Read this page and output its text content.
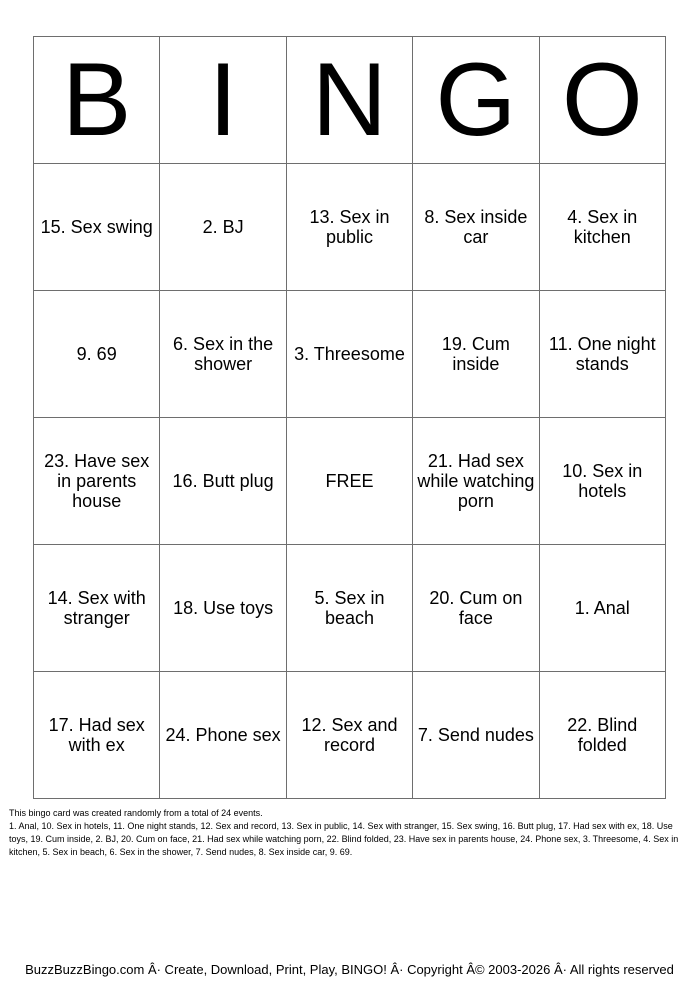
B	I	N	G	O
15. Sex swing	2. BJ	13. Sex in public	8. Sex inside car	4. Sex in kitchen
9. 69	6. Sex in the shower	3. Threesome	19. Cum inside	11. One night stands
23. Have sex in parents house	16. Butt plug	FREE	21. Had sex while watching porn	10. Sex in hotels
14. Sex with stranger	18. Use toys	5. Sex in beach	20. Cum on face	1. Anal
17. Had sex with ex	24. Phone sex	12. Sex and record	7. Send nudes	22. Blind folded

This bingo card was created randomly from a total of 24 events.

1. Anal, 10. Sex in hotels, 11. One night stands, 12. Sex and record, 13. Sex in public, 14. Sex with stranger, 15. Sex swing, 16. Butt plug, 17. Had sex with ex, 18. Use toys, 19. Cum inside, 2. BJ, 20. Cum on face, 21. Had sex while watching porn, 22. Blind folded, 23. Have sex in parents house, 24. Phone sex, 3. Threesome, 4. Sex in kitchen, 5. Sex in beach, 6. Sex in the shower, 7. Send nudes, 8. Sex inside car, 9. 69.

BuzzBuzzBingo.com Â· Create, Download, Print, Play, BINGO! Â· Copyright Â© 2003-2026 Â· All rights reserved
